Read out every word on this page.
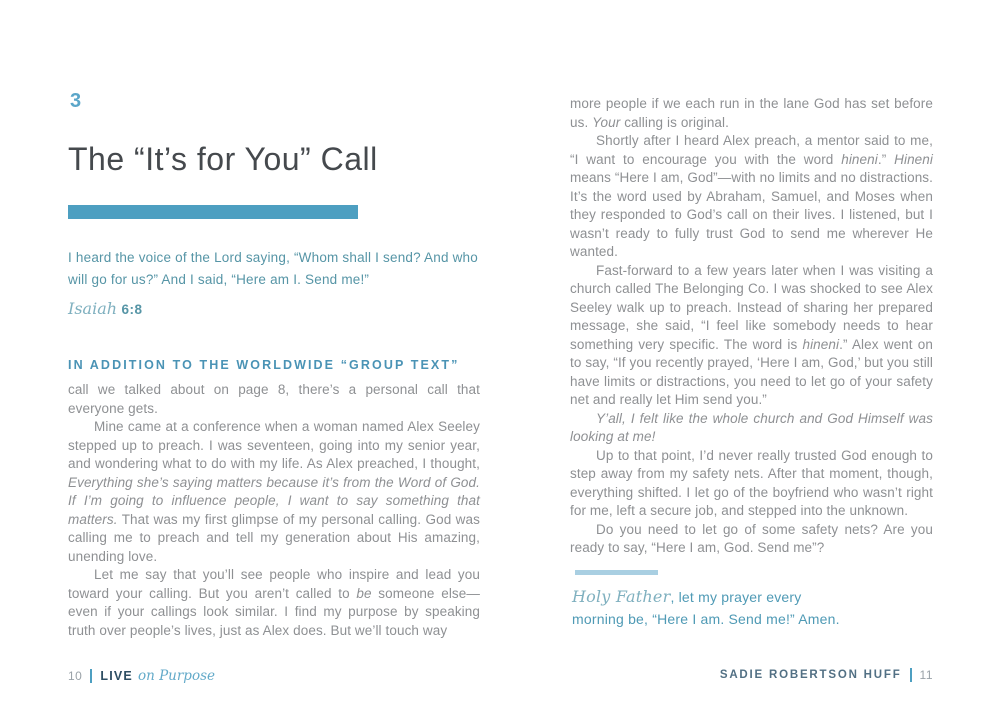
3
The “It’s for You” Call

I heard the voice of the Lord saying, “Whom shall I send? And who will go for us?” And I said, “Here am I. Send me!”

Isaiah 6:8

IN ADDITION TO THE WORLDWIDE “GROUP TEXT”

call we talked about on page 8, there’s a personal call that everyone gets.

Mine came at a conference when a woman named Alex Seeley stepped up to preach. I was seventeen, going into my senior year, and wondering what to do with my life. As Alex preached, I thought, Everything she’s saying matters because it’s from the Word of God. If I’m going to influence people, I want to say something that matters. That was my first glimpse of my personal calling. God was calling me to preach and tell my generation about His amazing, unending love.

Let me say that you’ll see people who inspire and lead you toward your calling. But you aren’t called to be someone else—even if your callings look similar. I find my purpose by speaking truth over people’s lives, just as Alex does. But we’ll touch way

10 LIVE on Purpose

more people if we each run in the lane God has set before us. Your calling is original.

Shortly after I heard Alex preach, a mentor said to me, “I want to encourage you with the word hineni.” Hineni means “Here I am, God”—with no limits and no distractions. It’s the word used by Abraham, Samuel, and Moses when they responded to God’s call on their lives. I listened, but I wasn’t ready to fully trust God to send me wherever He wanted.

Fast-forward to a few years later when I was visiting a church called The Belonging Co. I was shocked to see Alex Seeley walk up to preach. Instead of sharing her prepared message, she said, “I feel like somebody needs to hear something very specific. The word is hineni.” Alex went on to say, “If you recently prayed, ‘Here I am, God,’ but you still have limits or distractions, you need to let go of your safety net and really let Him send you.”

Y’all, I felt like the whole church and God Himself was looking at me!

Up to that point, I’d never really trusted God enough to step away from my safety nets. After that moment, though, everything shifted. I let go of the boyfriend who wasn’t right for me, left a secure job, and stepped into the unknown.

Do you need to let go of some safety nets? Are you ready to say, “Here I am, God. Send me”?

Holy Father, let my prayer every morning be, “Here I am. Send me!” Amen.

SADIE ROBERTSON HUFF 11
